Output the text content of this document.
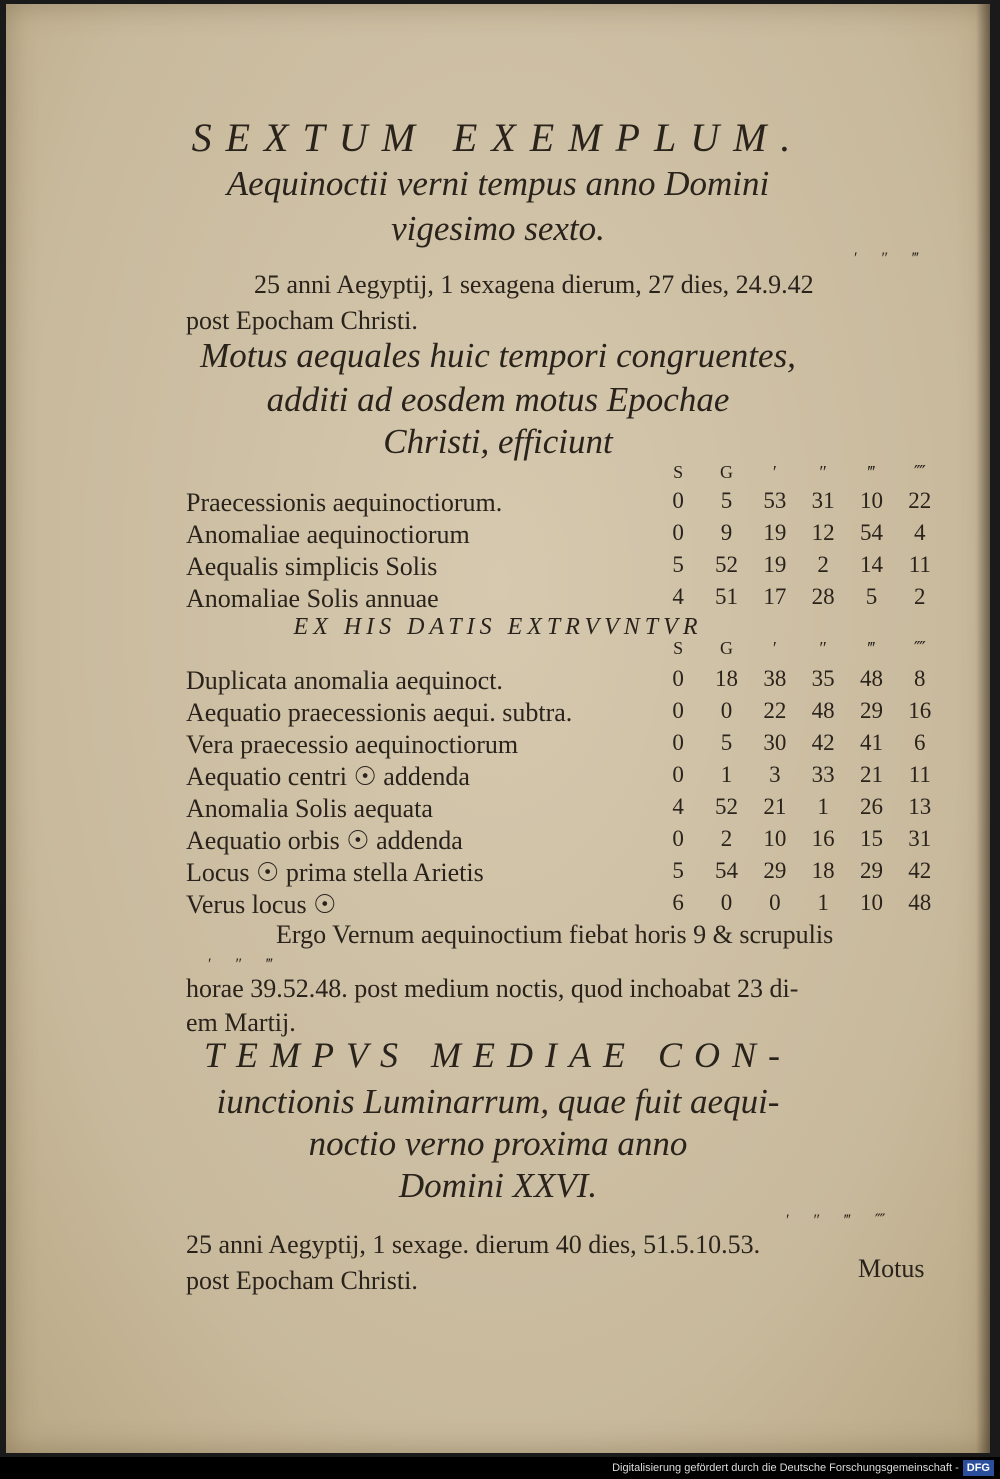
SEXTUM EXEMPLUM.
Aequinoctii verni tempus anno Domini
vigesimo sexto.
′ ″ ‴
25 anni Aegyptij, 1 sexagena dierum, 27 dies, 24.9.42
post Epocham Christi.
Motus aequales huic tempori congruentes,
additi ad eosdem motus Epochae
Christi, efficiunt
S	G	′	″	‴	⁗
Praecessionis aequinoctiorum.	0	5	53	31	10	22
Anomaliae aequinoctiorum	0	9	19	12	54	4
Aequalis simplicis Solis	5	52	19	2	14	11
Anomaliae Solis annuae	4	51	17	28	5	2
EX HIS DATIS EXTRVVNTVR
S	G	′	″	‴	⁗
Duplicata anomalia aequinoct.	0	18	38	35	48	8
Aequatio praecessionis aequi. subtra.	0	0	22	48	29	16
Vera praecessio aequinoctiorum	0	5	30	42	41	6
Aequatio centri ☉ addenda	0	1	3	33	21	11
Anomalia Solis aequata	4	52	21	1	26	13
Aequatio orbis ☉ addenda	0	2	10	16	15	31
Locus ☉ prima stella Arietis	5	54	29	18	29	42
Verus locus ☉	6	0	0	1	10	48
Ergo Vernum aequinoctium fiebat horis 9 & scrupulis
′ ″ ‴
horae 39.52.48. post medium noctis, quod inchoabat 23 di-
em Martij.
TEMPVS MEDIAE CON-
iunctionis Luminarrum, quae fuit aequi-
noctio verno proxima anno
Domini XXVI.
′ ″ ‴ ⁗
25 anni Aegyptij, 1 sexage. dierum 40 dies, 51.5.10.53.
post Epocham Christi.	Motus
Digitalisierung gefördert durch die Deutsche Forschungsgemeinschaft - DFG
